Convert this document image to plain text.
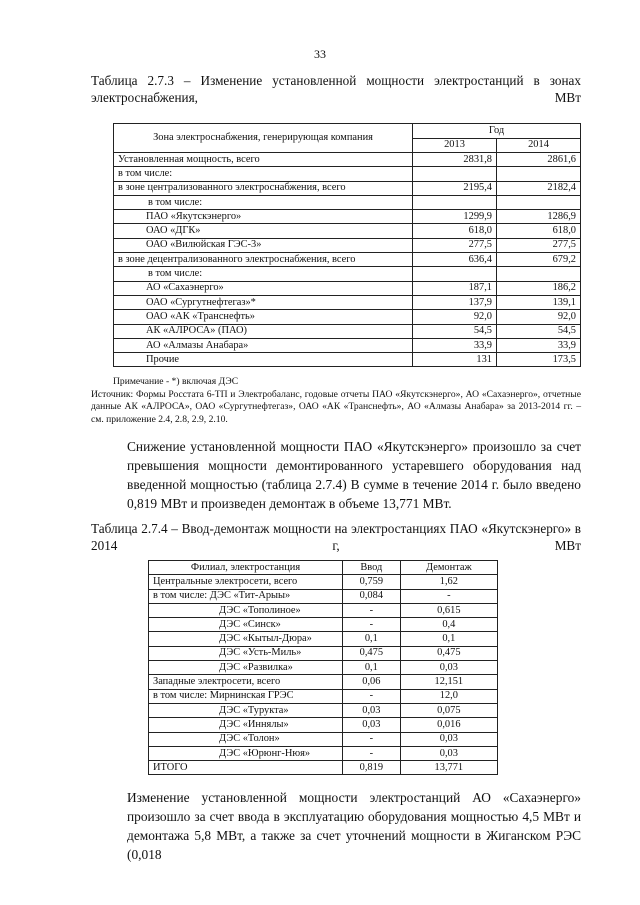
33
Таблица 2.7.3 – Изменение установленной мощности электростанций в зонах электроснабжения, МВт
Зона электроснабжения, генерирующая компания	Год	
	2013	2014
Установленная мощность, всего	2831,8	2861,6
в том числе:		
в зоне централизованного электроснабжения, всего	2195,4	2182,4
в том числе:		
ПАО «Якутскэнерго»	1299,9	1286,9
ОАО «ДГК»	618,0	618,0
ОАО «Вилюйская ГЭС-3»	277,5	277,5
в зоне децентрализованного электроснабжения, всего	636,4	679,2
в том числе:		
АО «Сахаэнерго»	187,1	186,2
ОАО «Сургутнефтегаз»*	137,9	139,1
ОАО «АК «Транснефть»	92,0	92,0
АК «АЛРОСА» (ПАО)	54,5	54,5
АО «Алмазы Анабара»	33,9	33,9
Прочие	131	173,5
Примечание - *) включая ДЭС
Источник: Формы Росстата 6-ТП и Электробаланс, годовые отчеты ПАО «Якутскэнерго», АО «Сахаэнерго», отчетные данные АК «АЛРОСА», ОАО «Сургутнефтегаз», ОАО «АК «Транснефть», АО «Алмазы Анабара» за 2013-2014 гг. – см. приложение 2.4, 2.8, 2.9, 2.10.
Снижение установленной мощности ПАО «Якутскэнерго» произошло за счет превышения мощности демонтированного устаревшего оборудования над введенной мощностью (таблица 2.7.4) В сумме в течение 2014 г. было введено 0,819 МВт и произведен демонтаж в объеме 13,771 МВт.
Таблица 2.7.4 – Ввод-демонтаж мощности на электростанциях ПАО «Якутскэнерго» в 2014 г, МВт
Филиал, электростанция	Ввод	Демонтаж
Центральные электросети, всего	0,759	1,62
в том числе: ДЭС «Тит-Арыы»	0,084	-
ДЭС «Тополиное»	-	0,615
ДЭС «Синск»	-	0,4
ДЭС «Кытыл-Дюра»	0,1	0,1
ДЭС «Усть-Миль»	0,475	0,475
ДЭС «Развилка»	0,1	0,03
Западные электросети, всего	0,06	12,151
в том числе: Мирнинская ГРЭС	-	12,0
ДЭС «Турукта»	0,03	0,075
ДЭС «Иннялы»	0,03	0,016
ДЭС «Толон»	-	0,03
ДЭС «Юрюнг-Нюя»	-	0,03
ИТОГО	0,819	13,771
Изменение установленной мощности электростанций АО «Сахаэнерго» произошло за счет ввода в эксплуатацию оборудования мощностью 4,5 МВт и демонтажа 5,8 МВт, а также за счет уточнений мощности в Жиганском РЭС (0,018
